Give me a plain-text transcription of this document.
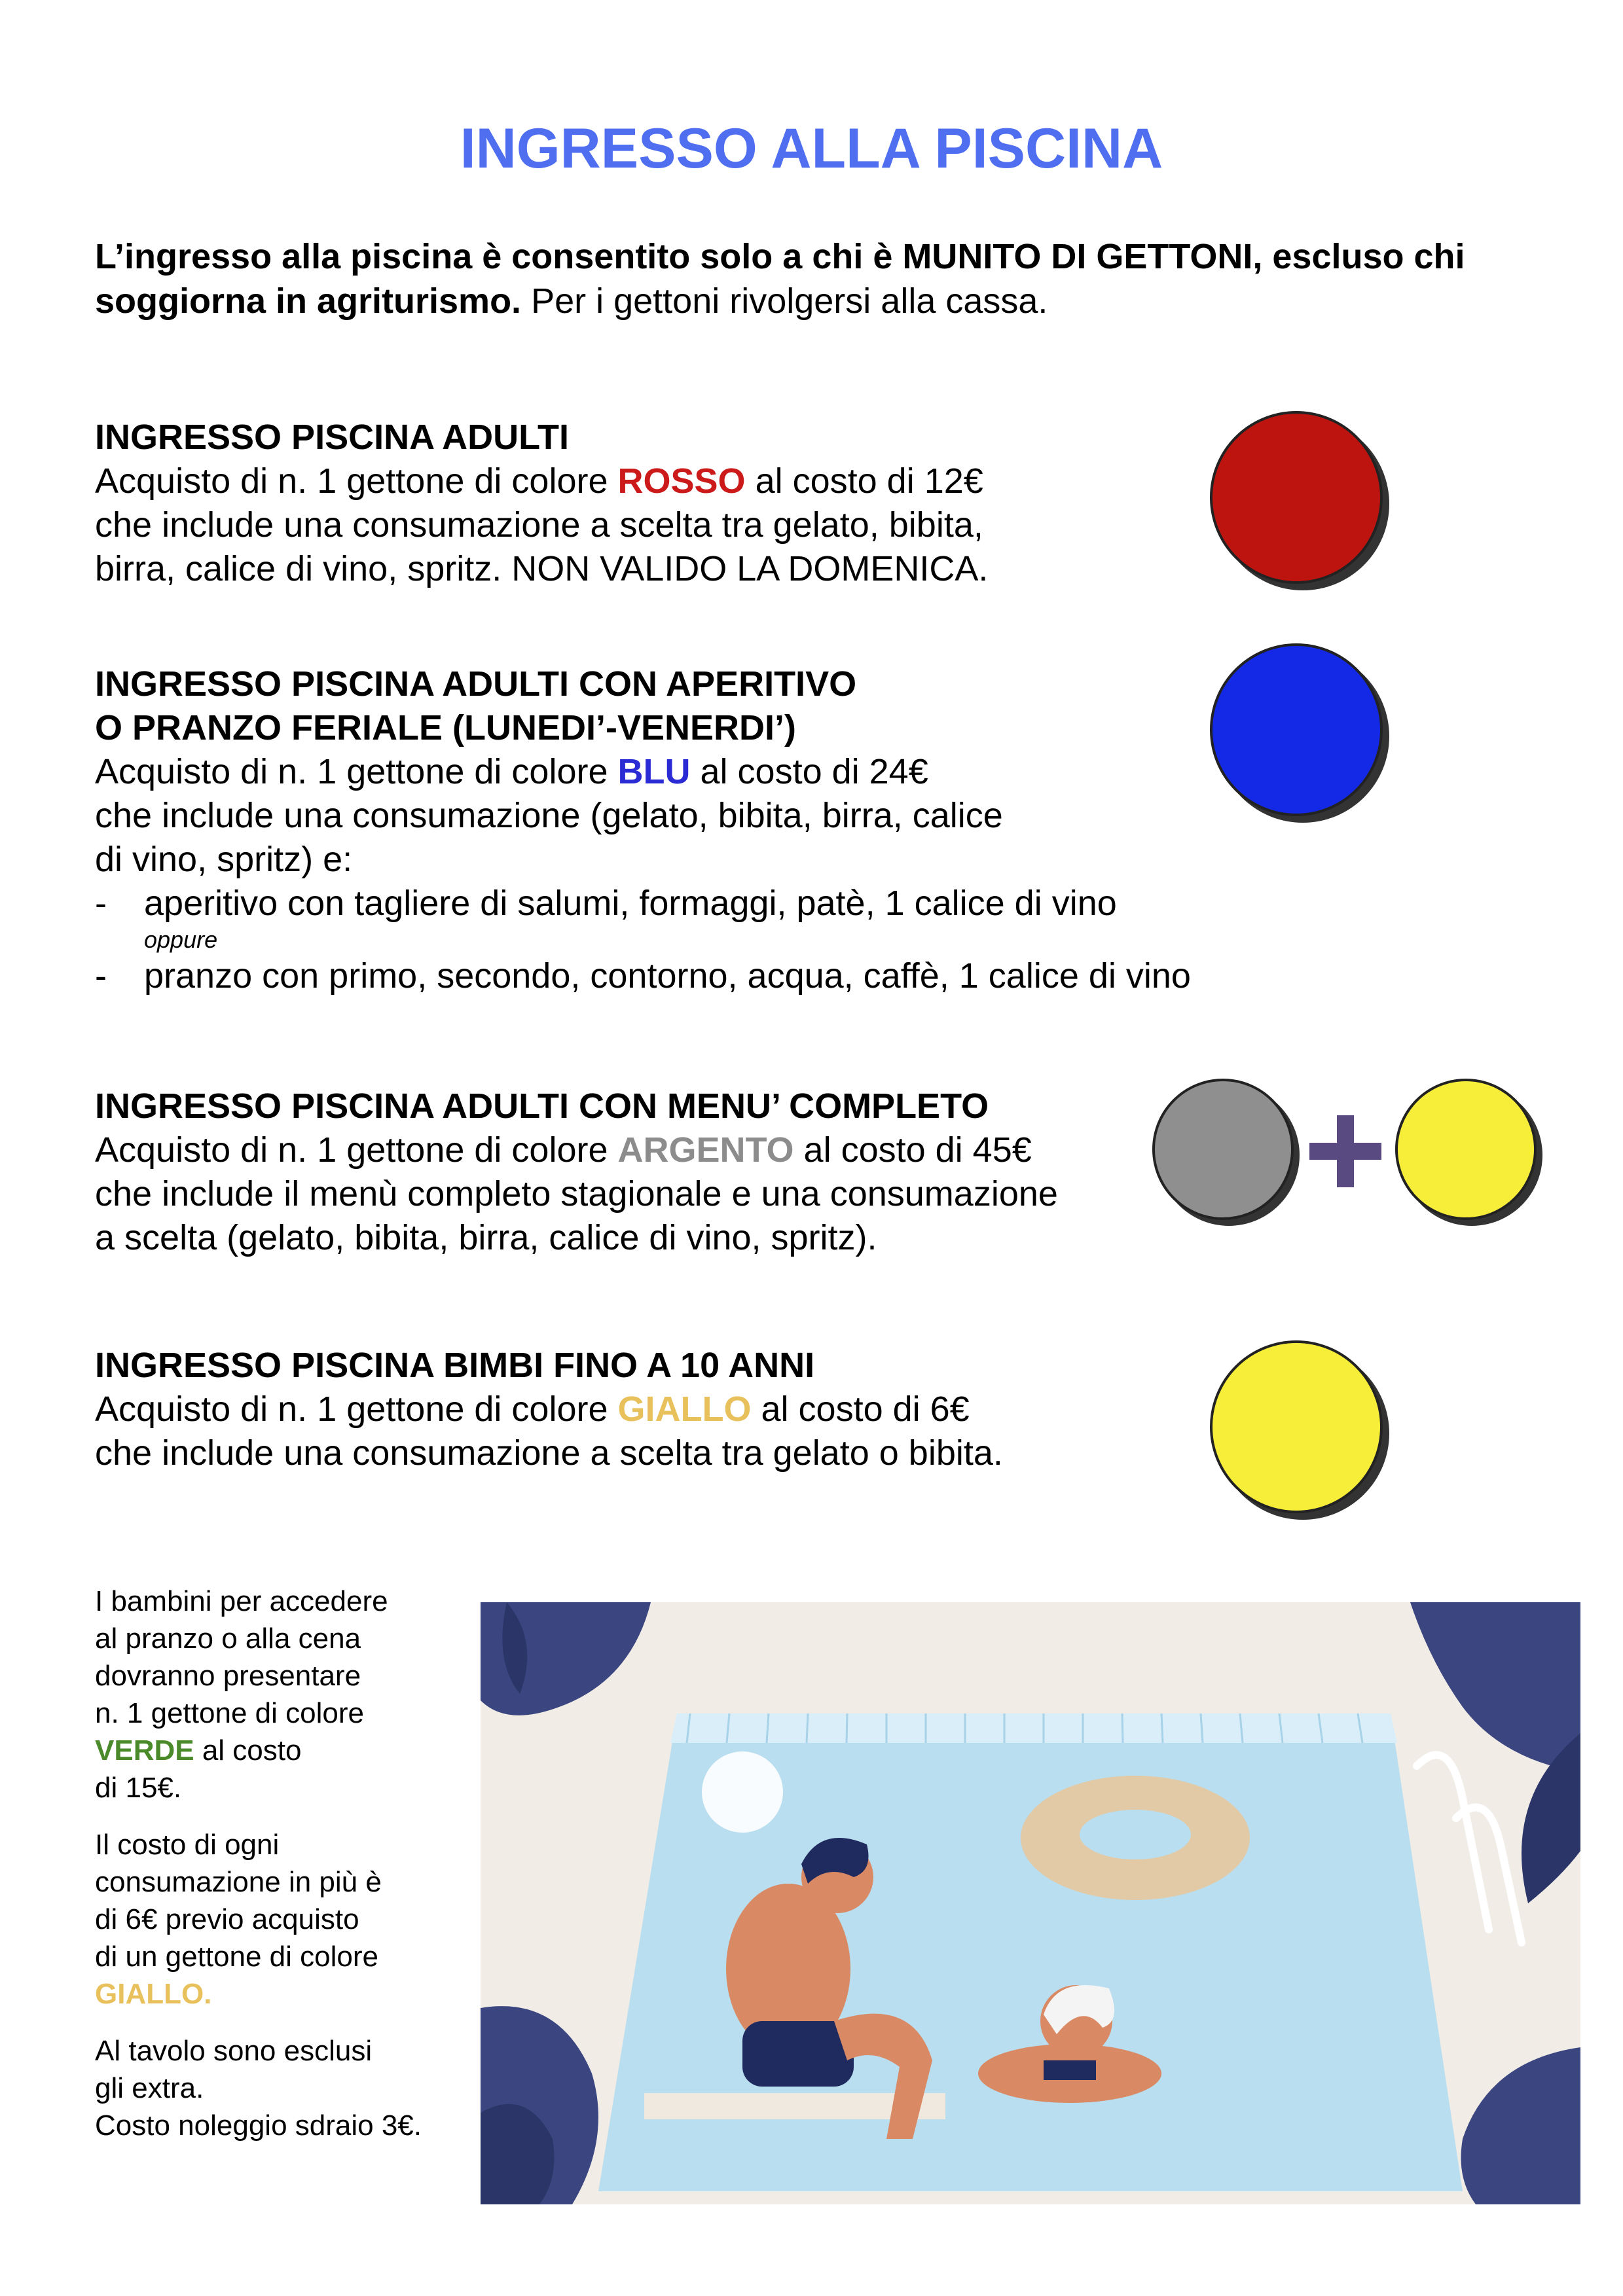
INGRESSO ALLA PISCINA
L’ingresso alla piscina è consentito solo a chi è MUNITO DI GETTONI, escluso chi soggiorna in agriturismo. Per i gettoni rivolgersi alla cassa.
INGRESSO PISCINA ADULTI
Acquisto di n. 1 gettone di colore ROSSO al costo di 12€
che include una consumazione a scelta tra gelato, bibita,
birra, calice di vino, spritz. NON VALIDO LA DOMENICA.
INGRESSO PISCINA ADULTI CON APERITIVO
O PRANZO FERIALE (LUNEDI’-VENERDI’)
Acquisto di n. 1 gettone di colore BLU al costo di 24€
che include una consumazione (gelato, bibita, birra, calice
di vino, spritz) e:
- aperitivo con tagliere di salumi, formaggi, patè, 1 calice di vino
oppure
- pranzo con primo, secondo, contorno, acqua, caffè, 1 calice di vino
INGRESSO PISCINA ADULTI CON MENU’ COMPLETO
Acquisto di n. 1 gettone di colore ARGENTO al costo di 45€
che include il menù completo stagionale e una consumazione
a scelta (gelato, bibita, birra, calice di vino, spritz).
INGRESSO PISCINA BIMBI FINO A 10 ANNI
Acquisto di n. 1 gettone di colore GIALLO al costo di 6€
che include una consumazione a scelta tra gelato o bibita.

I bambini per accedere
al pranzo o alla cena
dovranno presentare
n. 1 gettone di colore
VERDE al costo
di 15€.

Il costo di ogni
consumazione in più è
di 6€ previo acquisto
di un gettone di colore
GIALLO.

Al tavolo sono esclusi
gli extra.
Costo noleggio sdraio 3€.
